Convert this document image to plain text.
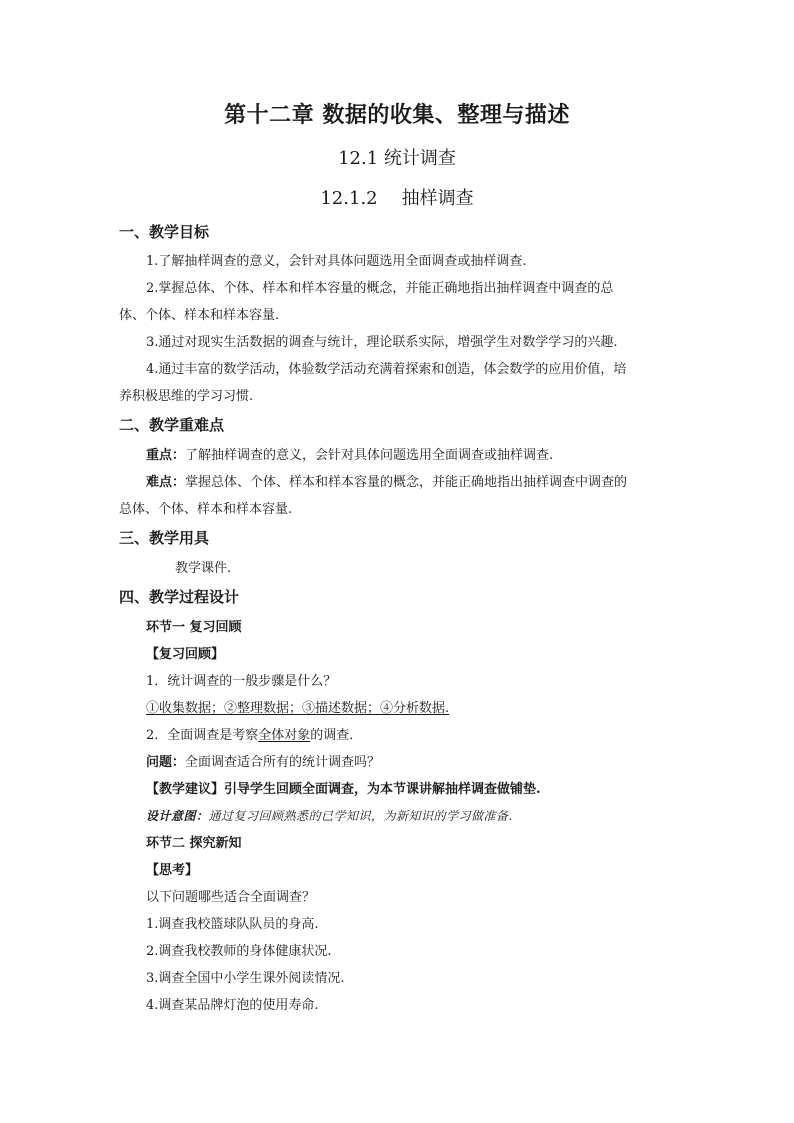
第十二章 数据的收集、整理与描述
12.1 统计调查
12.1.2 抽样调查
一、教学目标
1.了解抽样调查的意义，会针对具体问题选用全面调查或抽样调查.
2.掌握总体、个体、样本和样本容量的概念，并能正确地指出抽样调查中调查的总
体、个体、样本和样本容量.
3.通过对现实生活数据的调查与统计，理论联系实际，增强学生对数学学习的兴趣.
4.通过丰富的数学活动，体验数学活动充满着探索和创造，体会数学的应用价值，培
养积极思维的学习习惯.
二、教学重难点
重点：了解抽样调查的意义，会针对具体问题选用全面调查或抽样调查.
难点：掌握总体、个体、样本和样本容量的概念，并能正确地指出抽样调查中调查的
总体、个体、样本和样本容量.
三、教学用具
教学课件.
四、教学过程设计
环节一 复习回顾
【复习回顾】
1．统计调查的一般步骤是什么？
①收集数据；②整理数据；③描述数据；④分析数据.
2．全面调查是考察全体对象的调查．
问题：全面调查适合所有的统计调查吗？
【教学建议】引导学生回顾全面调查，为本节课讲解抽样调查做铺垫.
设计意图：通过复习回顾熟悉的已学知识，为新知识的学习做准备.
环节二 探究新知
【思考】
以下问题哪些适合全面调查？
1.调查我校篮球队队员的身高.
2.调查我校教师的身体健康状况.
3.调查全国中小学生课外阅读情况.
4.调查某品牌灯泡的使用寿命.
